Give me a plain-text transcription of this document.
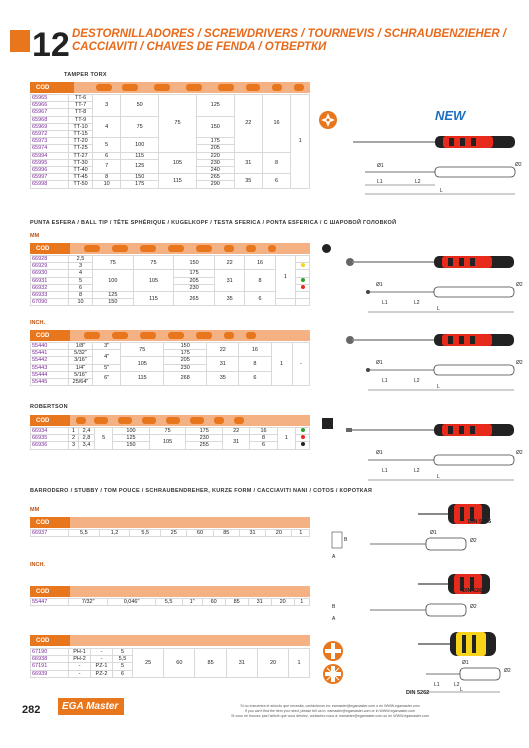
12 DESTORNILLADORES / SCREWDRIVERS / TOURNEVIS / SCHRAUBENZIEHER / CACCIAVITI / CHAVES DE FENDA / ОТВЕРТКИ
TAMPER TORX
COD
65965	TT-6	3	50	75	125	22	16	1
65966	TT-7							
65967	TT-8							
65968	TT-9	4	75		150			
65969	TT-10							
65972	TT-15							
65973	TT-20	5	100		175			
65974	TT-25				205			
65994	TT-27	6	115	105	220	31	8	
65995	TT-30	7	125		230			
65996	TT-40				240			
65997	TT-45	8	150	115	265	35	6	
65998	TT-50	10	175		290			
NEW
Ø1	Ø2
L1	L2
L
PUNTA ESFERA / BALL TIP / TÊTE SPHÉRIQUE / KUGELKOPF / TESTA SFERICA / PONTA ESFERICA / С ШАРОВОЙ ГОЛОВКОЙ
MM
COD
66928	2,5	75	75	150	22	16	1	
66929	3							
66930	4	100	105	175	31	8		
66931	5			205				
66932	6			230				
66933	8	125	115	265	35	6		
67090	10	150						
INCH.
COD
55440	1/8"	3"	75	150	22	16	1	-
55441	5/32"	4"		175				
55442	3/16"		105	205	31	8		
55443	1/4"	5"		230				
55444	5/16"	6"	115	268	35	6		
55445	25/64"							
Ø1	Ø2
L1	L2
L
Ø1	Ø2
L1	L2
L
ROBERTSON
COD
66934	1	2,4	5	100	75	175	22	16	1	
66935	2	2,8		125	105	230	31	8		
66936	3	3,4		150		255		6		
Ø1	Ø2
L1	L2
L
BARRODERO / STUBBY / TOM POUCE / SCHRAUBENDREHER, KURZE FORM / CACCIAVITI NANI / COTOS / КОРОТКАЯ
MM
COD
66937	5,5	1,2	5,5	25	60	85	31	20	1
INCH.
COD
55447	7/32"	0,046"	5,5	1"	60	85	31	20	1
COD
67190	PH-1	-	5	25	60	85	31	20	1
66938	PH-2	-	5,5						
67191	-	PZ-1	5						
66939	-	PZ-2	6						
B
A
Ø1
Ø2
DIN 5265
B
A
Ø2
DIN 5265
Ø1
Ø2
L1	L2
L
DIN 5262
282	EGA Master	Si no encuentra el artículo que necesita, contáctenos en: eamaster@egamaster.com o en WWW.egamaster.com
If you can't find the item you need, please tell us in: eamaster@egamaster.com or in WWW.egamaster.com
Si vous ne trouvez pas l'article que vous désirez, contactez-nous à: eamaster@egamaster.com ou en WWW.egamaster.com
